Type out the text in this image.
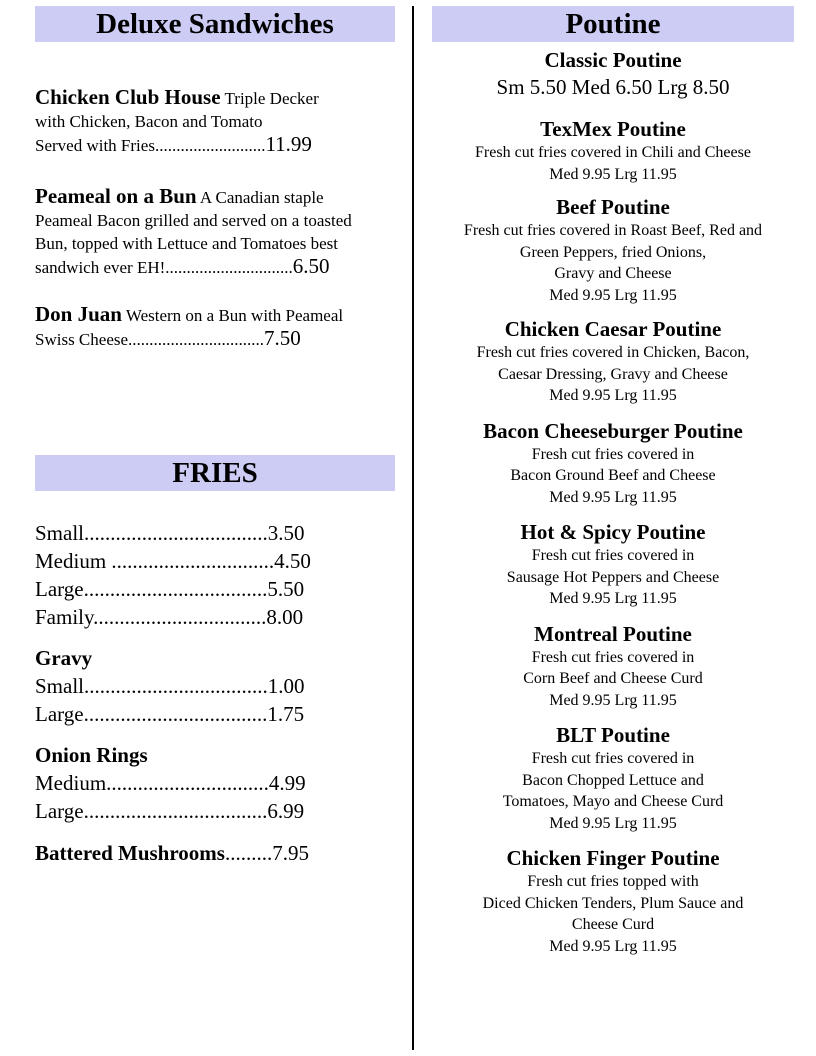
Deluxe Sandwiches
Chicken Club House Triple Decker
with Chicken, Bacon and Tomato
Served with Fries..........................11.99
Peameal on a Bun A Canadian staple
Peameal Bacon grilled and served on a toasted
Bun, topped with Lettuce and Tomatoes best
sandwich ever EH!..............................6.50
Don Juan Western on a Bun with Peameal
Swiss Cheese................................7.50
FRIES
Small...................................3.50
Medium ...............................4.50
Large...................................5.50
Family.................................8.00
Gravy
Small...................................1.00
Large...................................1.75
Onion Rings
Medium...............................4.99
Large...................................6.99
Battered Mushrooms.........7.95
Poutine
Classic Poutine
Sm 5.50 Med 6.50 Lrg 8.50
TexMex Poutine
Fresh cut fries covered in Chili and Cheese
Med 9.95 Lrg 11.95
Beef Poutine
Fresh cut fries covered in Roast Beef, Red and
Green Peppers, fried Onions,
Gravy and Cheese
Med 9.95 Lrg 11.95
Chicken Caesar Poutine
Fresh cut fries covered in Chicken, Bacon,
Caesar Dressing, Gravy and Cheese
Med 9.95 Lrg 11.95
Bacon Cheeseburger Poutine
Fresh cut fries covered in
Bacon Ground Beef and Cheese
Med 9.95 Lrg 11.95
Hot & Spicy Poutine
Fresh cut fries covered in
Sausage Hot Peppers and Cheese
Med 9.95 Lrg 11.95
Montreal Poutine
Fresh cut fries covered in
Corn Beef and Cheese Curd
Med 9.95 Lrg 11.95
BLT Poutine
Fresh cut fries covered in
Bacon Chopped Lettuce and
Tomatoes, Mayo and Cheese Curd
Med 9.95 Lrg 11.95
Chicken Finger Poutine
Fresh cut fries topped with
Diced Chicken Tenders, Plum Sauce and
Cheese Curd
Med 9.95 Lrg 11.95
